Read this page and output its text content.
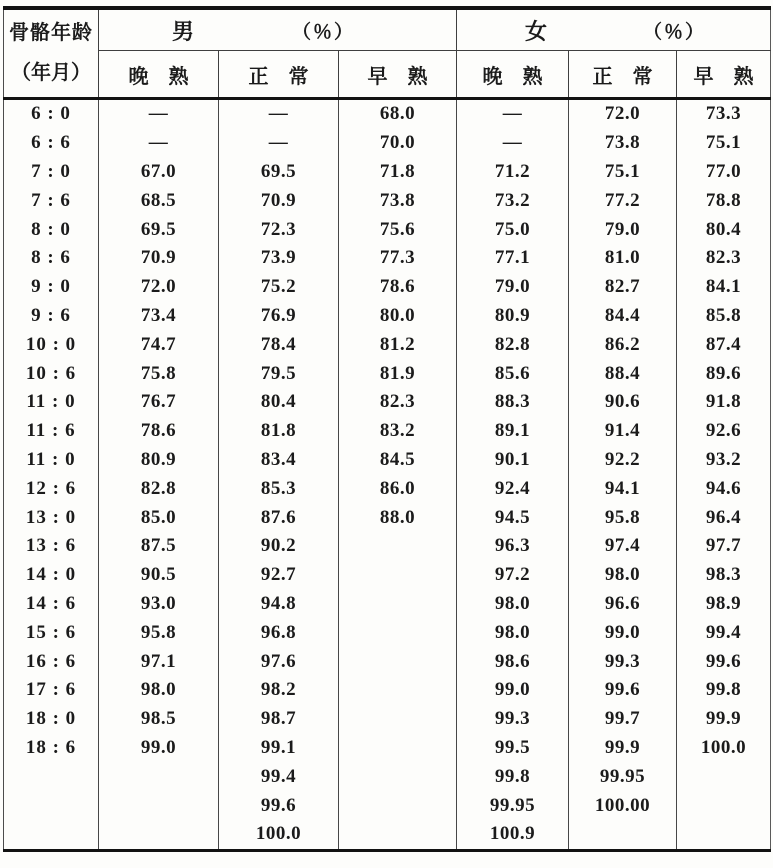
骨骼年龄
（年月）

男	（％）	女	（％）

	晚　熟	正　常	早　熟	晚　熟	正　常	早　熟
6 : 0	—	—	68.0	—	72.0	73.3
6 : 6	—	—	70.0	—	73.8	75.1
7 : 0	67.0	69.5	71.8	71.2	75.1	77.0
7 : 6	68.5	70.9	73.8	73.2	77.2	78.8
8 : 0	69.5	72.3	75.6	75.0	79.0	80.4
8 : 6	70.9	73.9	77.3	77.1	81.0	82.3
9 : 0	72.0	75.2	78.6	79.0	82.7	84.1
9 : 6	73.4	76.9	80.0	80.9	84.4	85.8
10 : 0	74.7	78.4	81.2	82.8	86.2	87.4
10 : 6	75.8	79.5	81.9	85.6	88.4	89.6
11 : 0	76.7	80.4	82.3	88.3	90.6	91.8
11 : 6	78.6	81.8	83.2	89.1	91.4	92.6
11 : 0	80.9	83.4	84.5	90.1	92.2	93.2
12 : 6	82.8	85.3	86.0	92.4	94.1	94.6
13 : 0	85.0	87.6	88.0	94.5	95.8	96.4
13 : 6	87.5	90.2		96.3	97.4	97.7
14 : 0	90.5	92.7		97.2	98.0	98.3
14 : 6	93.0	94.8		98.0	96.6	98.9
15 : 6	95.8	96.8		98.0	99.0	99.4
16 : 6	97.1	97.6		98.6	99.3	99.6
17 : 6	98.0	98.2		99.0	99.6	99.8
18 : 0	98.5	98.7		99.3	99.7	99.9
18 : 6	99.0	99.1		99.5	99.9	100.0
		99.4		99.8	99.95	
		99.6		99.95	100.00	
		100.0		100.9		
